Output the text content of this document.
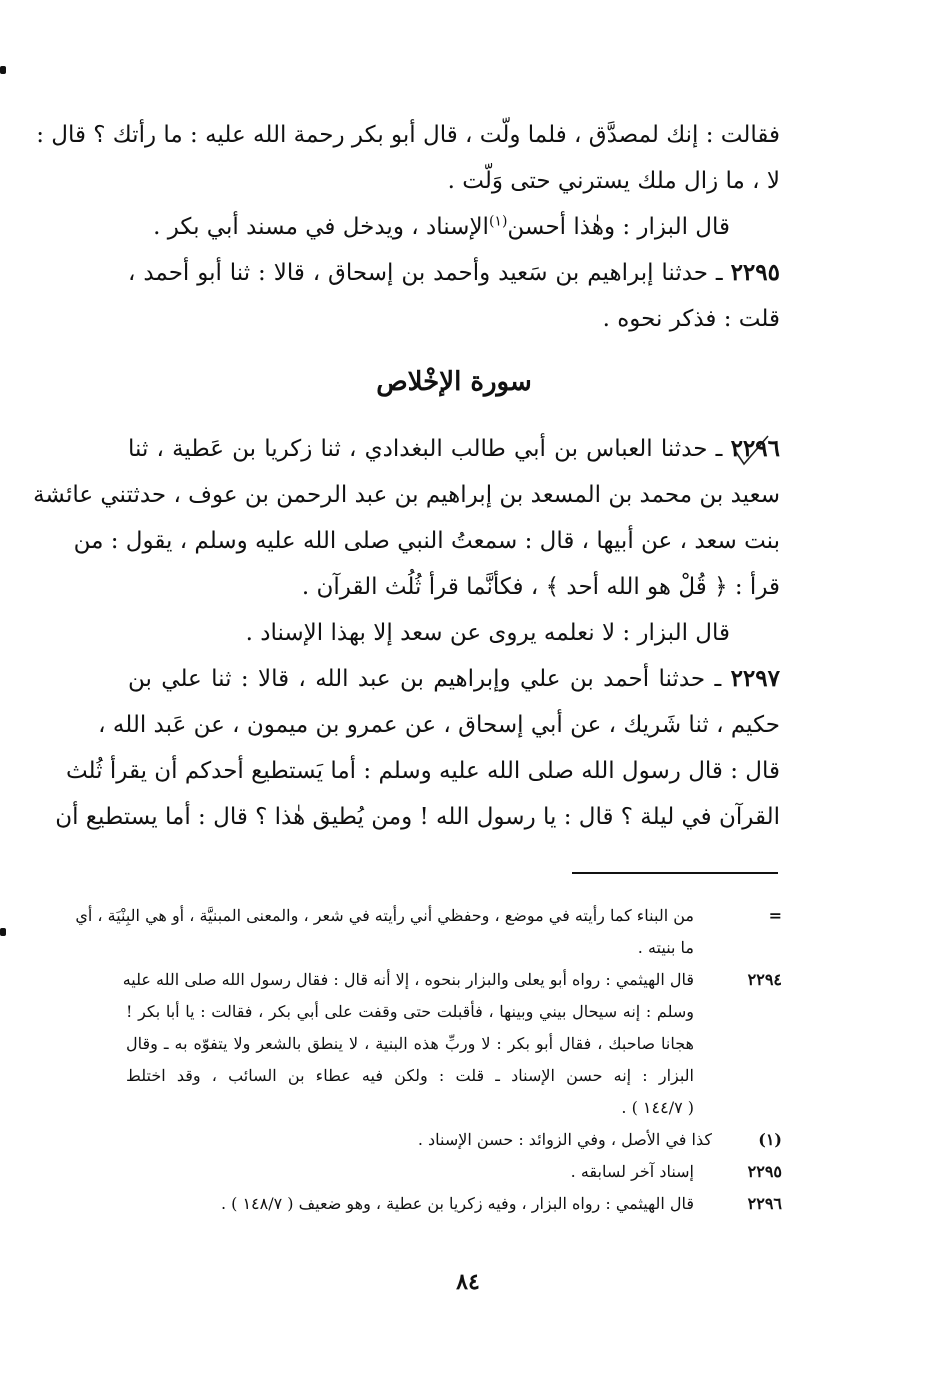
فقالت : إنك لمصدَّق ، فلما ولّت ، قال أبو بكر رحمة الله عليه : ما رأتك ؟ قال :
لا ، ما زال ملك يسترني حتى وَلّت .
قال البزار : وهٰذا أحسن$^{(١)}$الإسناد ، ويدخل في مسند أبي بكر .
٢٢٩٥ ـ حدثنا إبراهيم بن سَعيد وأحمد بن إسحاق ، قالا : ثنا أبو أحمد ،
قلت : فذكر نحوه .
سورة الإخْلاص
٢٢٩٦ ـ حدثنا العباس بن أبي طالب البغدادي ، ثنا زكريا بن عَطية ، ثنا
سعيد بن محمد بن المسعد بن إبراهيم بن عبد الرحمن بن عوف ، حدثتني عائشة
بنت سعد ، عن أبيها ، قال : سمعتُ النبي صلى الله عليه وسلم ، يقول : من
قرأ : ﴿ قُلْ هو الله أحد ﴾ ، فكأنَّما قرأ ثُلُث القرآن .
قال البزار : لا نعلمه يروى عن سعد إلا بهذا الإسناد .
٢٢٩٧ ـ حدثنا أحمد بن علي وإبراهيم بن عبد الله ، قالا : ثنا علي بن
حكيم ، ثنا شَريك ، عن أبي إسحاق ، عن عمرو بن ميمون ، عن عَبد الله ،
قال : قال رسول الله صلى الله عليه وسلم : أما يَستطيع أحدكم أن يقرأ ثُلث
القرآن في ليلة ؟ قال : يا رسول الله ! ومن يُطيق هٰذا ؟ قال : أما يستطيع أن
=
من البناء كما رأيته في موضع ، وحفظي أني رأيته في شعر ، والمعنى المبنيَّة ، أو هي البِنْيَة ، أي
ما بنيته .
٢٢٩٤
قال الهيثمي : رواه أبو يعلى والبزار بنحوه ، إلا أنه قال : فقال رسول الله صلى الله عليه
وسلم : إنه سيحال بيني وبينها ، فأقبلت حتى وقفت على أبي بكر ، فقالت : يا أبا بكر !
هجانا صاحبك ، فقال أبو بكر : لا وربِّ هذه البنية ، لا ينطق بالشعر ولا يتفوّه به ـ وقال
البزار : إنه حسن الإسناد ـ قلت : ولكن فيه عطاء بن السائب ، وقد اختلط
( ١٤٤/٧ ) .
(١)
كذا في الأصل ، وفي الزوائد : حسن الإسناد .
٢٢٩٥
إسناد آخر لسابقه .
٢٢٩٦
قال الهيثمي : رواه البزار ، وفيه زكريا بن عطية ، وهو ضعيف ( ١٤٨/٧ ) .
٨٤
